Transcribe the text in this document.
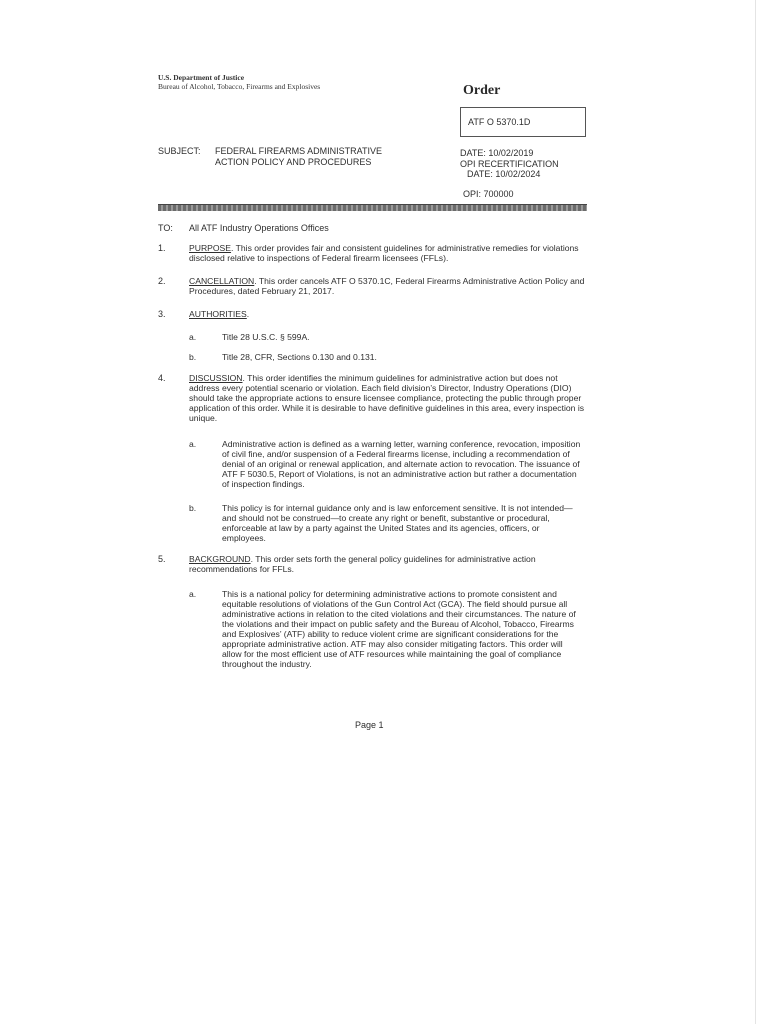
U.S. Department of Justice
Bureau of Alcohol, Tobacco, Firearms and Explosives	Order
ATF O 5370.1D
SUBJECT: FEDERAL FIREARMS ADMINISTRATIVE
ACTION POLICY AND PROCEDURES
DATE: 10/02/2019
OPI RECERTIFICATION
DATE: 10/02/2024
OPI: 700000
TO: All ATF Industry Operations Offices
1.	PURPOSE. This order provides fair and consistent guidelines for administrative remedies for violations disclosed relative to inspections of Federal firearm licensees (FFLs).
2.	CANCELLATION. This order cancels ATF O 5370.1C, Federal Firearms Administrative Action Policy and Procedures, dated February 21, 2017.
3.	AUTHORITIES.
a.	Title 28 U.S.C. § 599A.
b.	Title 28, CFR, Sections 0.130 and 0.131.
4.	DISCUSSION. This order identifies the minimum guidelines for administrative action but does not address every potential scenario or violation. Each field division’s Director, Industry Operations (DIO) should take the appropriate actions to ensure licensee compliance, protecting the public through proper application of this order. While it is desirable to have definitive guidelines in this area, every inspection is unique.
a.	Administrative action is defined as a warning letter, warning conference, revocation, imposition of civil fine, and/or suspension of a Federal firearms license, including a recommendation of denial of an original or renewal application, and alternate action to revocation. The issuance of ATF F 5030.5, Report of Violations, is not an administrative action but rather a documentation of inspection findings.
b.	This policy is for internal guidance only and is law enforcement sensitive. It is not intended—and should not be construed—to create any right or benefit, substantive or procedural, enforceable at law by a party against the United States and its agencies, officers, or employees.
5.	BACKGROUND. This order sets forth the general policy guidelines for administrative action recommendations for FFLs.
a.	This is a national policy for determining administrative actions to promote consistent and equitable resolutions of violations of the Gun Control Act (GCA). The field should pursue all administrative actions in relation to the cited violations and their circumstances. The nature of the violations and their impact on public safety and the Bureau of Alcohol, Tobacco, Firearms and Explosives’ (ATF) ability to reduce violent crime are significant considerations for the appropriate administrative action. ATF may also consider mitigating factors. This order will allow for the most efficient use of ATF resources while maintaining the goal of compliance throughout the industry.
Page 1
